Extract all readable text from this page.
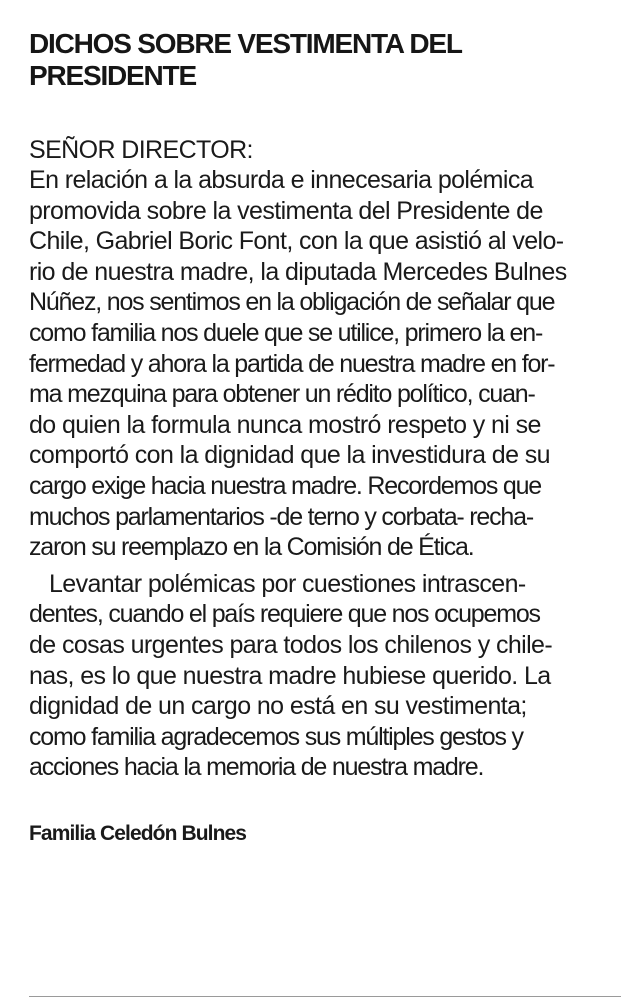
DICHOS SOBRE VESTIMENTA DEL
PRESIDENTE
SEÑOR DIRECTOR:
En relación a la absurda e innecesaria polémica
promovida sobre la vestimenta del Presidente de
Chile, Gabriel Boric Font, con la que asistió al velo-
rio de nuestra madre, la diputada Mercedes Bulnes
Núñez, nos sentimos en la obligación de señalar que
como familia nos duele que se utilice, primero la en-
fermedad y ahora la partida de nuestra madre en for-
ma mezquina para obtener un rédito político, cuan-
do quien la formula nunca mostró respeto y ni se
comportó con la dignidad que la investidura de su
cargo exige hacia nuestra madre. Recordemos que
muchos parlamentarios -de terno y corbata- recha-
zaron su reemplazo en la Comisión de Ética.
Levantar polémicas por cuestiones intrascen-
dentes, cuando el país requiere que nos ocupemos
de cosas urgentes para todos los chilenos y chile-
nas, es lo que nuestra madre hubiese querido. La
dignidad de un cargo no está en su vestimenta;
como familia agradecemos sus múltiples gestos y
acciones hacia la memoria de nuestra madre.
Familia Celedón Bulnes
